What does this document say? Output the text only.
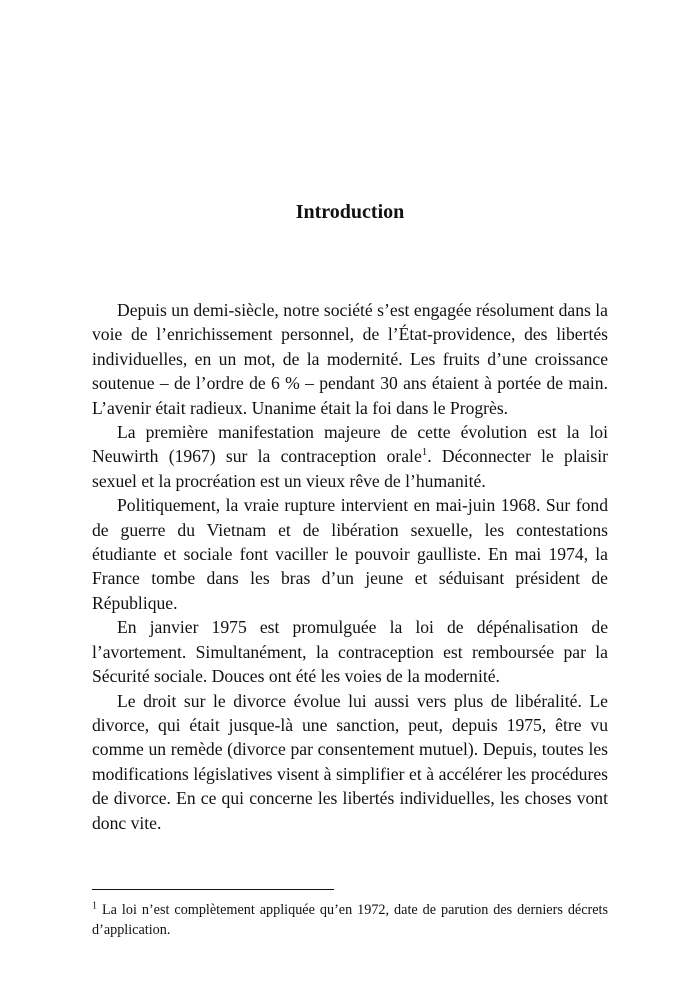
Introduction

Depuis un demi-siècle, notre société s’est engagée résolument dans la voie de l’enrichissement personnel, de l’État-providence, des libertés individuelles, en un mot, de la modernité. Les fruits d’une croissance soutenue – de l’ordre de 6 % – pendant 30 ans étaient à portée de main. L’avenir était radieux. Unanime était la foi dans le Progrès.

La première manifestation majeure de cette évolution est la loi Neuwirth (1967) sur la contraception orale$^1$. Déconnecter le plaisir sexuel et la procréation est un vieux rêve de l’humanité.

Politiquement, la vraie rupture intervient en mai-juin 1968. Sur fond de guerre du Vietnam et de libération sexuelle, les contestations étudiante et sociale font vaciller le pouvoir gaulliste. En mai 1974, la France tombe dans les bras d’un jeune et séduisant président de République.

En janvier 1975 est promulguée la loi de dépénalisation de l’avortement. Simultanément, la contraception est remboursée par la Sécurité sociale. Douces ont été les voies de la modernité.

Le droit sur le divorce évolue lui aussi vers plus de libéralité. Le divorce, qui était jusque-là une sanction, peut, depuis 1975, être vu comme un remède (divorce par consentement mutuel). Depuis, toutes les modifications législatives visent à simplifier et à accélérer les procédures de divorce. En ce qui concerne les libertés individuelles, les choses vont donc vite.

$^1$ La loi n’est complètement appliquée qu’en 1972, date de parution des derniers décrets d’application.
